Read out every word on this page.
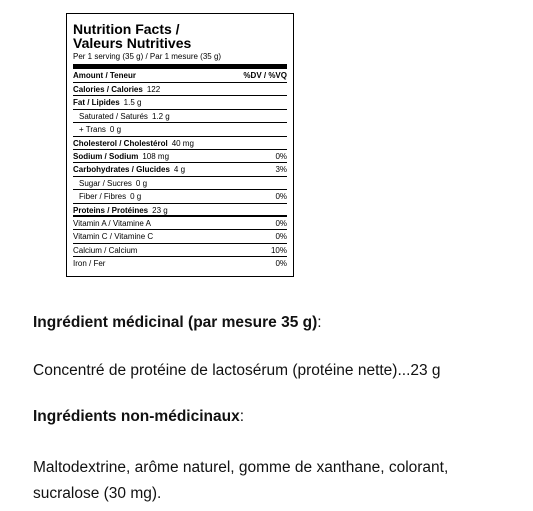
Nutrition Facts /
Valeurs Nutritives
Per 1 serving (35 g) / Par 1 mesure (35 g)
Amount / Teneur	%DV / %VQ
Calories / Calories 122
Fat / Lipides 1.5 g
Saturated / Saturés 1.2 g
+ Trans 0 g
Cholesterol / Cholestérol 40 mg
Sodium / Sodium 108 mg	0%
Carbohydrates / Glucides 4 g	3%
Sugar / Sucres 0 g
Fiber / Fibres 0 g	0%
Proteins / Protéines 23 g
Vitamin A / Vitamine A	0%
Vitamin C / Vitamine C	0%
Calcium / Calcium	10%
Iron / Fer	0%
Ingrédient médicinal (par mesure 35 g):
Concentré de protéine de lactosérum (protéine nette)...23 g
Ingrédients non-médicinaux:
Maltodextrine, arôme naturel, gomme de xanthane, colorant, sucralose (30 mg).
